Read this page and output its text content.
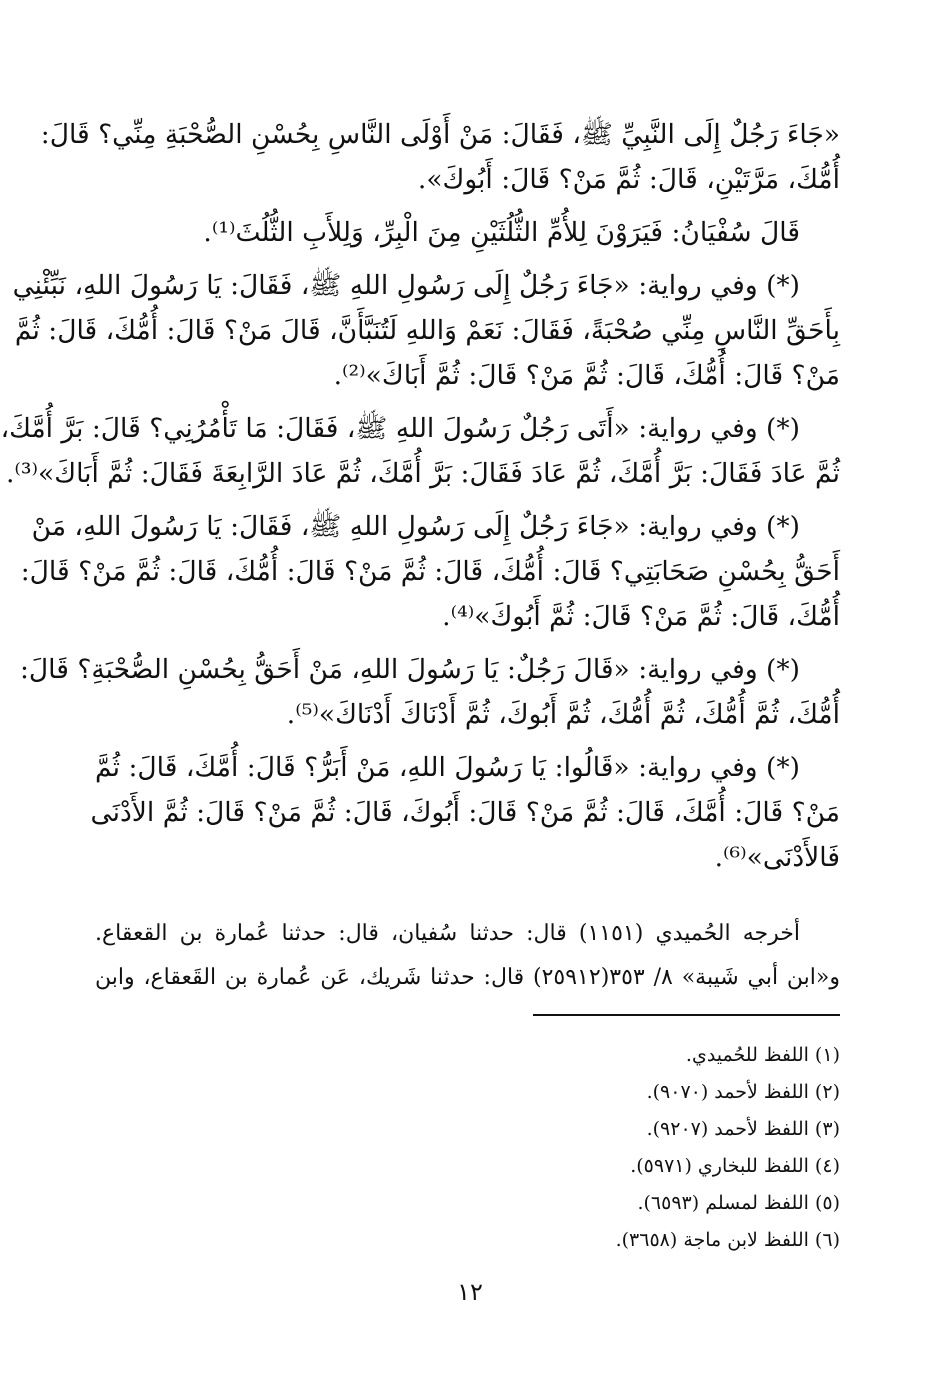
«جَاءَ رَجُلٌ إِلَى النَّبِيِّ ﷺ، فَقَالَ: مَنْ أَوْلَى النَّاسِ بِحُسْنِ الصُّحْبَةِ مِنِّي؟ قَالَ:
أُمُّكَ، مَرَّتَيْنِ، قَالَ: ثُمَّ مَنْ؟ قَالَ: أَبُوكَ».

قَالَ سُفْيَانُ: فَيَرَوْنَ لِلأُمِّ الثُّلُثَيْنِ مِنَ الْبِرِّ، وَلِلأَبِ الثُّلُثَ⁽¹⁾.

(*) وفي رواية: «جَاءَ رَجُلٌ إِلَى رَسُولِ اللهِ ﷺ، فَقَالَ: يَا رَسُولَ اللهِ، نَبِّئْنِي
بِأَحَقِّ النَّاسِ مِنِّي صُحْبَةً، فَقَالَ: نَعَمْ وَاللهِ لَتُنَبَّأَنَّ، قَالَ مَنْ؟ قَالَ: أُمُّكَ، قَالَ: ثُمَّ
مَنْ؟ قَالَ: أُمُّكَ، قَالَ: ثُمَّ مَنْ؟ قَالَ: ثُمَّ أَبَاكَ»⁽²⁾.

(*) وفي رواية: «أَتَى رَجُلٌ رَسُولَ اللهِ ﷺ، فَقَالَ: مَا تَأْمُرُنِي؟ قَالَ: بَرَّ أُمَّكَ،
ثُمَّ عَادَ فَقَالَ: بَرَّ أُمَّكَ، ثُمَّ عَادَ فَقَالَ: بَرَّ أُمَّكَ، ثُمَّ عَادَ الرَّابِعَةَ فَقَالَ: ثُمَّ أَبَاكَ»⁽³⁾.

(*) وفي رواية: «جَاءَ رَجُلٌ إِلَى رَسُولِ اللهِ ﷺ، فَقَالَ: يَا رَسُولَ اللهِ، مَنْ
أَحَقُّ بِحُسْنِ صَحَابَتِي؟ قَالَ: أُمُّكَ، قَالَ: ثُمَّ مَنْ؟ قَالَ: أُمُّكَ، قَالَ: ثُمَّ مَنْ؟ قَالَ:
أُمُّكَ، قَالَ: ثُمَّ مَنْ؟ قَالَ: ثُمَّ أَبُوكَ»⁽⁴⁾.

(*) وفي رواية: «قَالَ رَجُلٌ: يَا رَسُولَ اللهِ، مَنْ أَحَقُّ بِحُسْنِ الصُّحْبَةِ؟ قَالَ:
أُمُّكَ، ثُمَّ أُمُّكَ، ثُمَّ أُمُّكَ، ثُمَّ أَبُوكَ، ثُمَّ أَدْنَاكَ أَدْنَاكَ»⁽⁵⁾.

(*) وفي رواية: «قَالُوا: يَا رَسُولَ اللهِ، مَنْ أَبَرُّ؟ قَالَ: أُمَّكَ، قَالَ: ثُمَّ
مَنْ؟ قَالَ: أُمَّكَ، قَالَ: ثُمَّ مَنْ؟ قَالَ: أَبُوكَ، قَالَ: ثُمَّ مَنْ؟ قَالَ: ثُمَّ الأَدْنَى
فَالأَدْنَى»⁽⁶⁾.

أخرجه الحُميدي (١١٥١) قال: حدثنا سُفيان، قال: حدثنا عُمارة بن القعقاع.
و«ابن أبي شَيبة» ٨/ ٣٥٣(٢٥٩١٢) قال: حدثنا شَريك، عَن عُمارة بن القَعقاع، وابن
(١) اللفظ للحُميدي.
(٢) اللفظ لأحمد (٩٠٧٠).
(٣) اللفظ لأحمد (٩٢٠٧).
(٤) اللفظ للبخاري (٥٩٧١).
(٥) اللفظ لمسلم (٦٥٩٣).
(٦) اللفظ لابن ماجة (٣٦٥٨).
١٢
